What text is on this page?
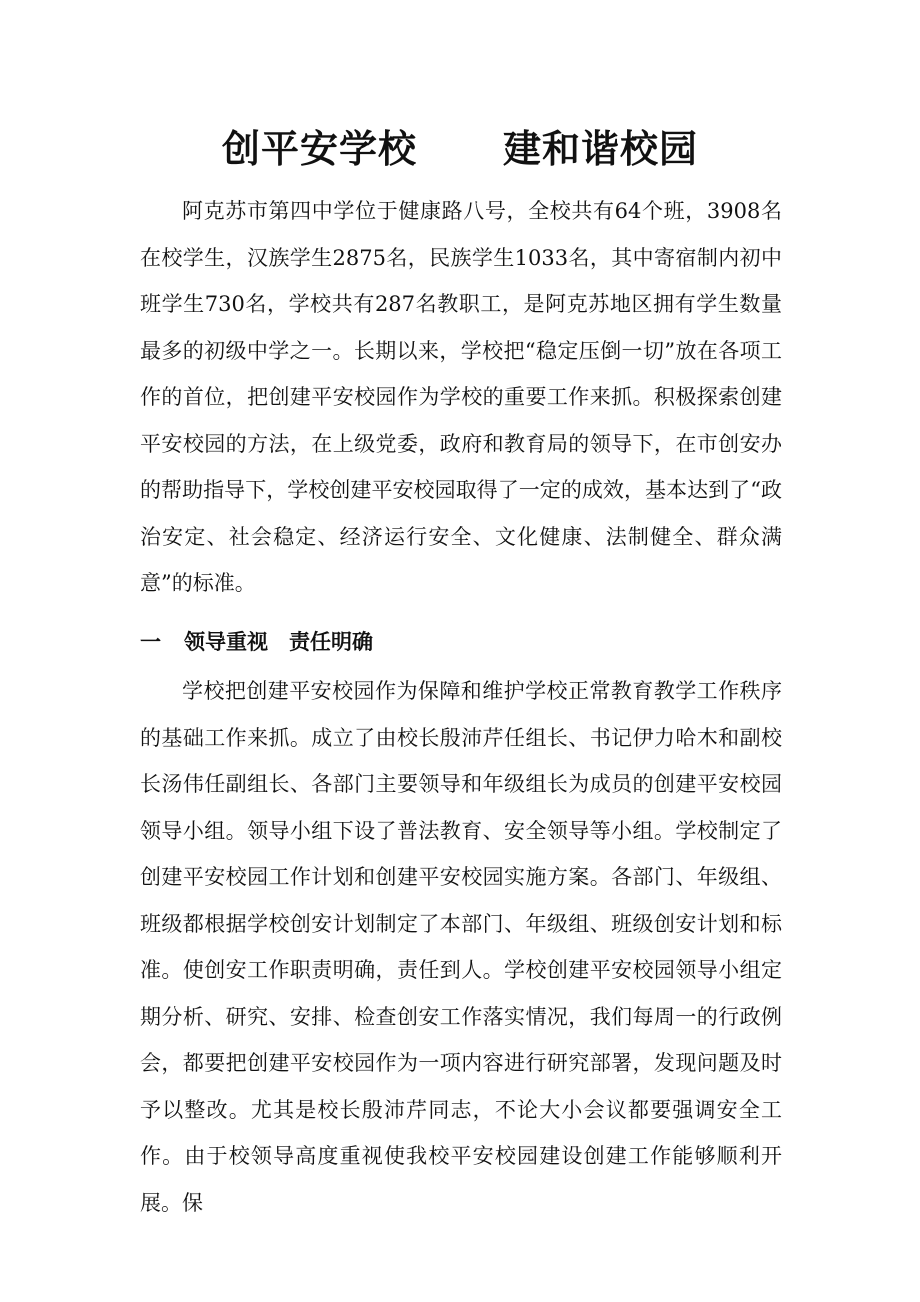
创平安学校 建和谐校园
阿克苏市第四中学位于健康路八号，全校共有64个班，3908名在校学生，汉族学生2875名，民族学生1033名，其中寄宿制内初中班学生730名，学校共有287名教职工，是阿克苏地区拥有学生数量最多的初级中学之一。长期以来，学校把“稳定压倒一切”放在各项工作的首位，把创建平安校园作为学校的重要工作来抓。积极探索创建平安校园的方法，在上级党委，政府和教育局的领导下，在市创安办的帮助指导下，学校创建平安校园取得了一定的成效，基本达到了“政治安定、社会稳定、经济运行安全、文化健康、法制健全、群众满意”的标准。
一 领导重视　责任明确
学校把创建平安校园作为保障和维护学校正常教育教学工作秩序的基础工作来抓。成立了由校长殷沛芹任组长、书记伊力哈木和副校长汤伟任副组长、各部门主要领导和年级组长为成员的创建平安校园领导小组。领导小组下设了普法教育、安全领导等小组。学校制定了创建平安校园工作计划和创建平安校园实施方案。各部门、年级组、班级都根据学校创安计划制定了本部门、年级组、班级创安计划和标准。使创安工作职责明确，责任到人。学校创建平安校园领导小组定期分析、研究、安排、检查创安工作落实情况，我们每周一的行政例会，都要把创建平安校园作为一项内容进行研究部署，发现问题及时予以整改。尤其是校长殷沛芹同志，不论大小会议都要强调安全工作。由于校领导高度重视使我校平安校园建设创建工作能够顺利开展。保
